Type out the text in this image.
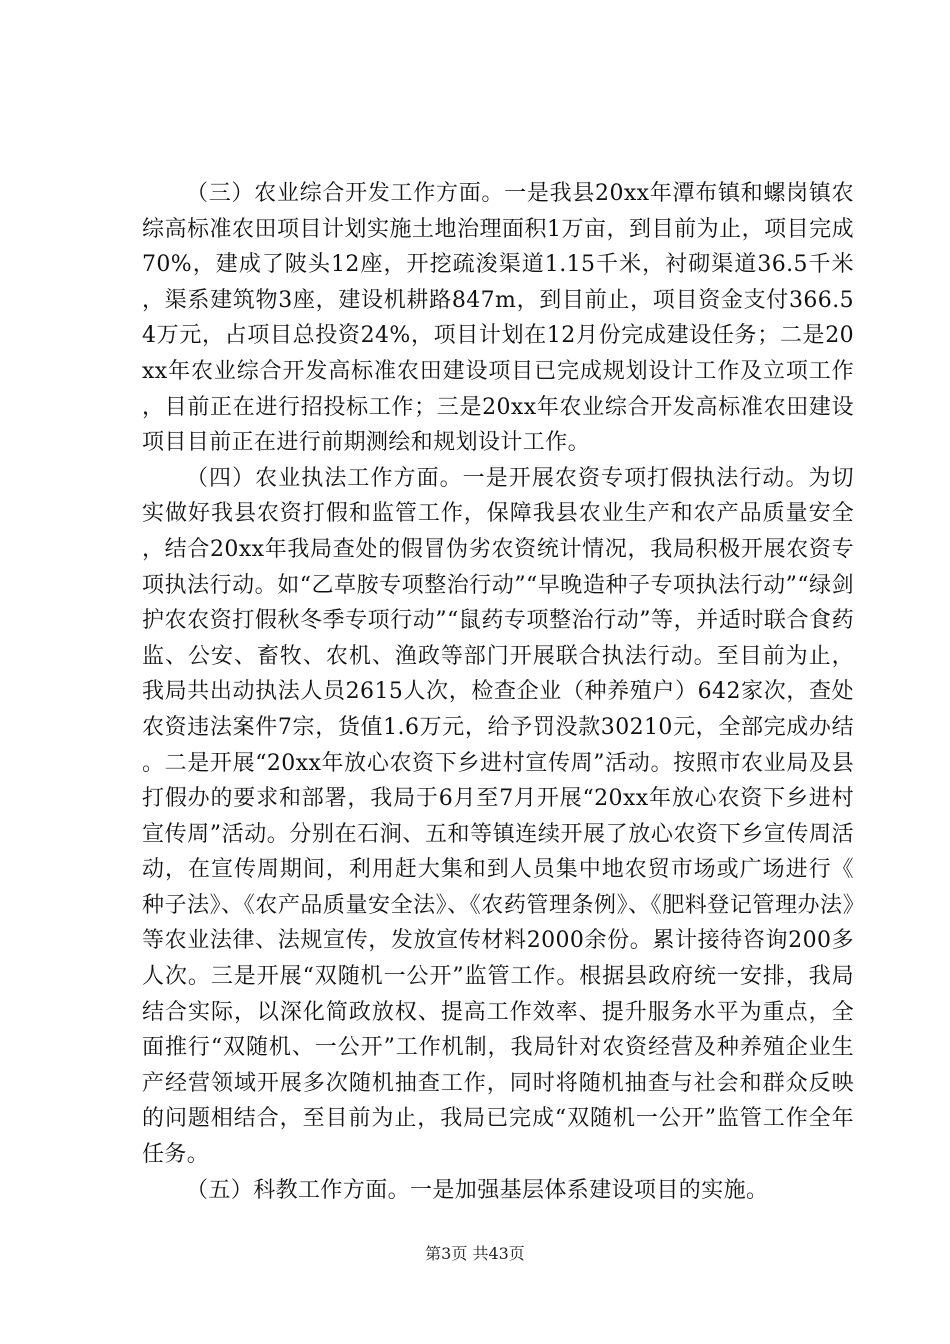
（三）农业综合开发工作方面。一是我县20xx年潭布镇和螺岗镇农综高标准农田项目计划实施土地治理面积1万亩，到目前为止，项目完成70%，建成了陂头12座，开挖疏浚渠道1.15千米，衬砌渠道36.5千米，渠系建筑物3座，建设机耕路847m，到目前止，项目资金支付366.54万元，占项目总投资24%，项目计划在12月份完成建设任务；二是20xx年农业综合开发高标准农田建设项目已完成规划设计工作及立项工作，目前正在进行招投标工作；三是20xx年农业综合开发高标准农田建设项目目前正在进行前期测绘和规划设计工作。

（四）农业执法工作方面。一是开展农资专项打假执法行动。为切实做好我县农资打假和监管工作，保障我县农业生产和农产品质量安全，结合20xx年我局查处的假冒伪劣农资统计情况，我局积极开展农资专项执法行动。如“乙草胺专项整治行动”“早晚造种子专项执法行动”“绿剑护农农资打假秋冬季专项行动”“鼠药专项整治行动”等，并适时联合食药监、公安、畜牧、农机、渔政等部门开展联合执法行动。至目前为止，我局共出动执法人员2615人次，检查企业（种养殖户）642家次，查处农资违法案件7宗，货值1.6万元，给予罚没款30210元，全部完成办结。二是开展“20xx年放心农资下乡进村宣传周”活动。按照市农业局及县打假办的要求和部署，我局于6月至7月开展“20xx年放心农资下乡进村宣传周”活动。分别在石涧、五和等镇连续开展了放心农资下乡宣传周活动，在宣传周期间，利用赶大集和到人员集中地农贸市场或广场进行《种子法》、《农产品质量安全法》、《农药管理条例》、《肥料登记管理办法》等农业法律、法规宣传，发放宣传材料2000余份。累计接待咨询200多人次。三是开展“双随机一公开”监管工作。根据县政府统一安排，我局结合实际，以深化简政放权、提高工作效率、提升服务水平为重点，全面推行“双随机、一公开”工作机制，我局针对农资经营及种养殖企业生产经营领域开展多次随机抽查工作，同时将随机抽查与社会和群众反映的问题相结合，至目前为止，我局已完成“双随机一公开”监管工作全年任务。

（五）科教工作方面。一是加强基层体系建设项目的实施。

第3页 共43页
